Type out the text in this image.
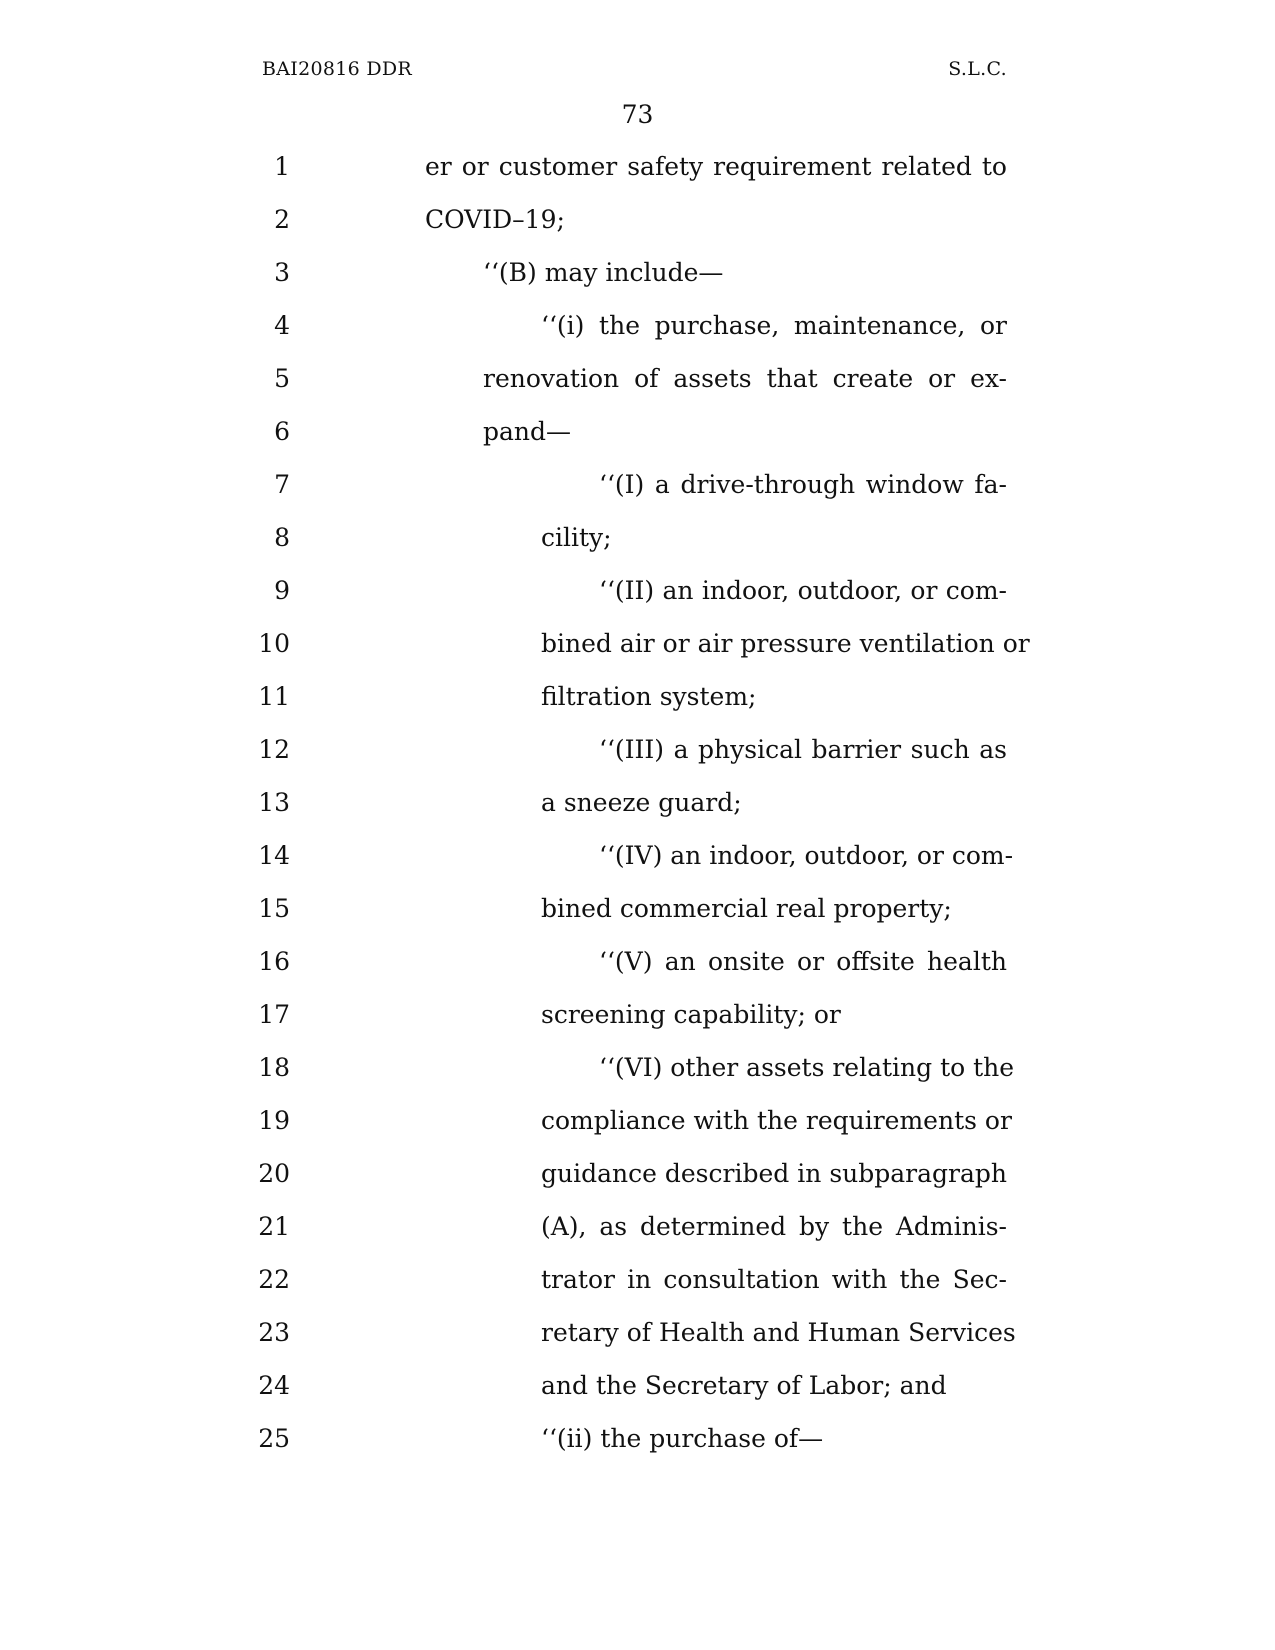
BAI20816 DDR	S.L.C.
73
1	er or customer safety requirement related to
2	COVID–19;
3	‘‘(B) may include—
4	‘‘(i) the purchase, maintenance, or
5	renovation of assets that create or ex-
6	pand—
7	‘‘(I) a drive-through window fa-
8	cility;
9	‘‘(II) an indoor, outdoor, or com-
10	bined air or air pressure ventilation or
11	filtration system;
12	‘‘(III) a physical barrier such as
13	a sneeze guard;
14	‘‘(IV) an indoor, outdoor, or com-
15	bined commercial real property;
16	‘‘(V) an onsite or offsite health
17	screening capability; or
18	‘‘(VI) other assets relating to the
19	compliance with the requirements or
20	guidance described in subparagraph
21	(A), as determined by the Adminis-
22	trator in consultation with the Sec-
23	retary of Health and Human Services
24	and the Secretary of Labor; and
25	‘‘(ii) the purchase of—
